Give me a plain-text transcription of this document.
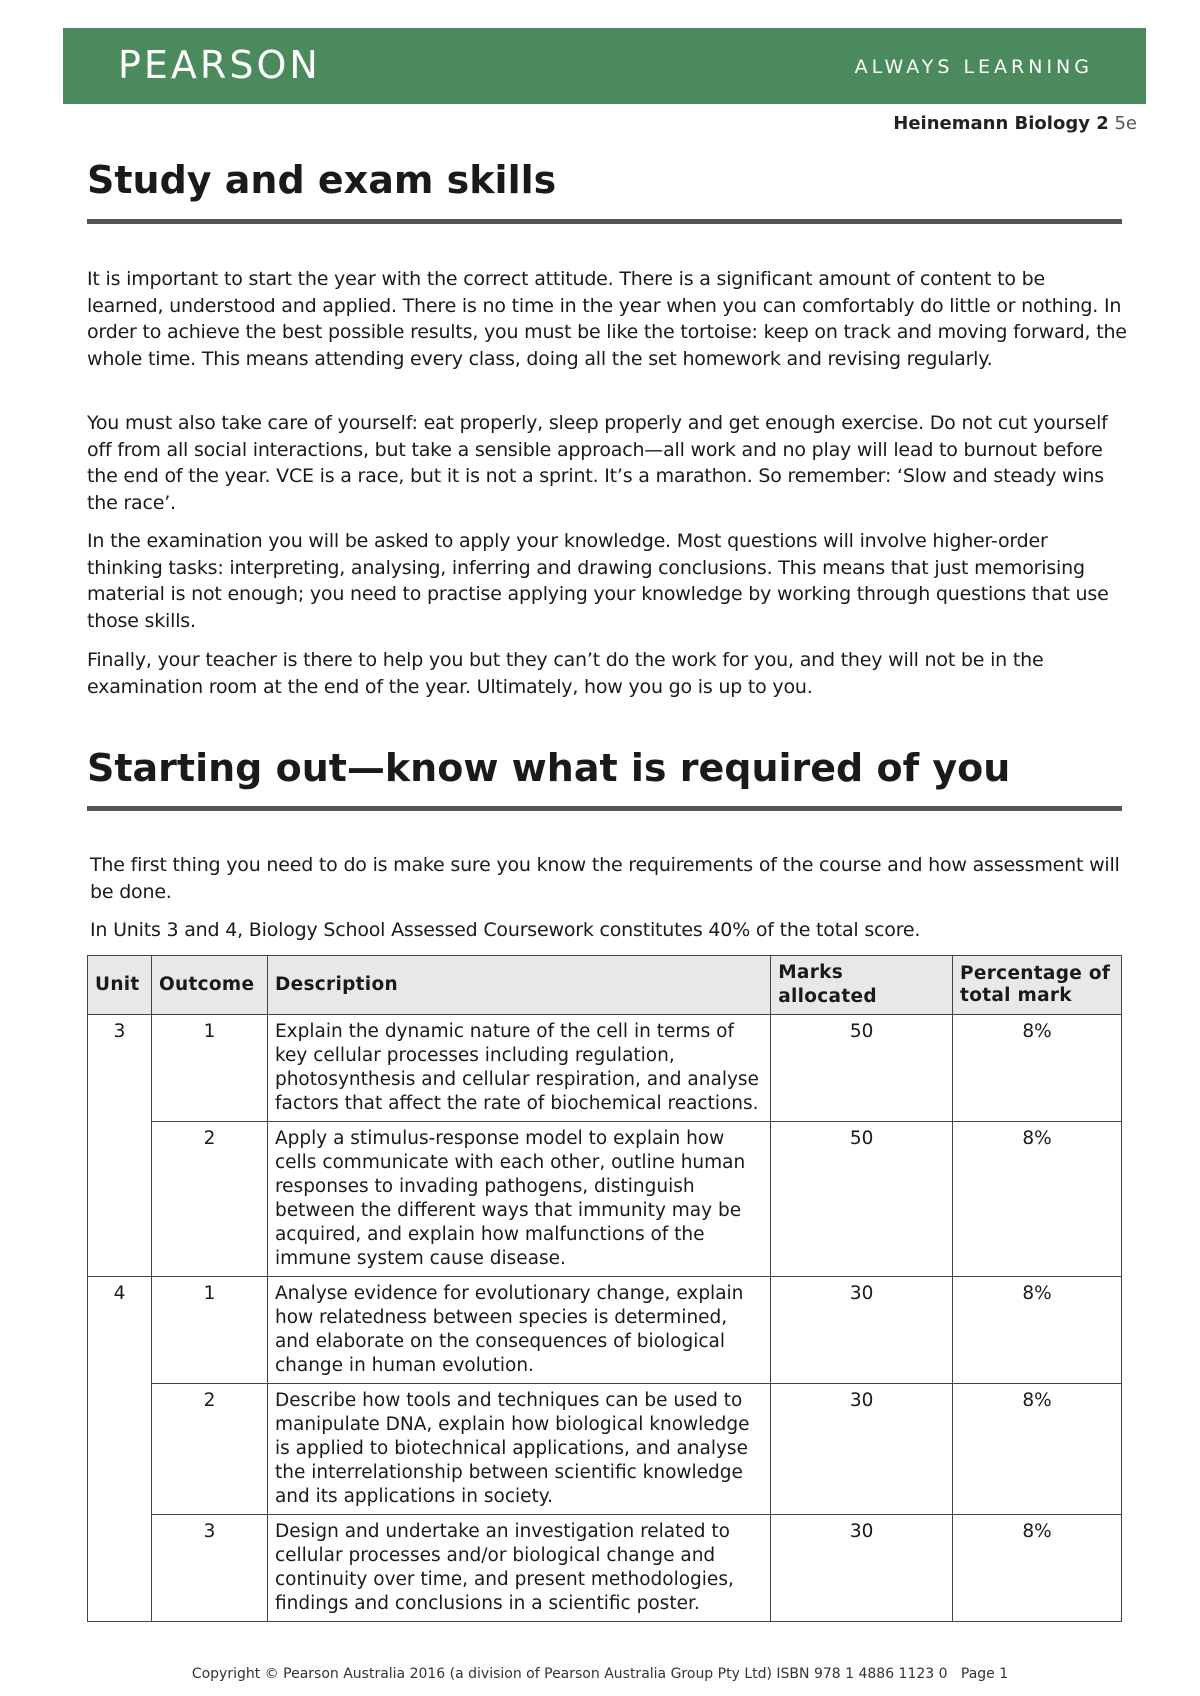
PEARSON	ALWAYS LEARNING
Heinemann Biology 2 5e
Study and exam skills

It is important to start the year with the correct attitude. There is a significant amount of content to be learned, understood and applied. There is no time in the year when you can comfortably do little or nothing. In order to achieve the best possible results, you must be like the tortoise: keep on track and moving forward, the whole time. This means attending every class, doing all the set homework and revising regularly.

You must also take care of yourself: eat properly, sleep properly and get enough exercise. Do not cut yourself off from all social interactions, but take a sensible approach—all work and no play will lead to burnout before the end of the year. VCE is a race, but it is not a sprint. It’s a marathon. So remember: ‘Slow and steady wins the race’.

In the examination you will be asked to apply your knowledge. Most questions will involve higher-order thinking tasks: interpreting, analysing, inferring and drawing conclusions. This means that just memorising material is not enough; you need to practise applying your knowledge by working through questions that use those skills.

Finally, your teacher is there to help you but they can’t do the work for you, and they will not be in the examination room at the end of the year. Ultimately, how you go is up to you.

Starting out—know what is required of you

The first thing you need to do is make sure you know the requirements of the course and how assessment will be done.

In Units 3 and 4, Biology School Assessed Coursework constitutes 40% of the total score.

Unit	Outcome	Description	Marks allocated	Percentage of total mark
3	1	Explain the dynamic nature of the cell in terms of key cellular processes including regulation, photosynthesis and cellular respiration, and analyse factors that affect the rate of biochemical reactions.	50	8%
	2	Apply a stimulus-response model to explain how cells communicate with each other, outline human responses to invading pathogens, distinguish between the different ways that immunity may be acquired, and explain how malfunctions of the immune system cause disease.	50	8%
4	1	Analyse evidence for evolutionary change, explain how relatedness between species is determined, and elaborate on the consequences of biological change in human evolution.	30	8%
	2	Describe how tools and techniques can be used to manipulate DNA, explain how biological knowledge is applied to biotechnical applications, and analyse the interrelationship between scientific knowledge and its applications in society.	30	8%
	3	Design and undertake an investigation related to cellular processes and/or biological change and continuity over time, and present methodologies, findings and conclusions in a scientific poster.	30	8%
Copyright © Pearson Australia 2016 (a division of Pearson Australia Group Pty Ltd) ISBN 978 1 4886 1123 0 Page 1
